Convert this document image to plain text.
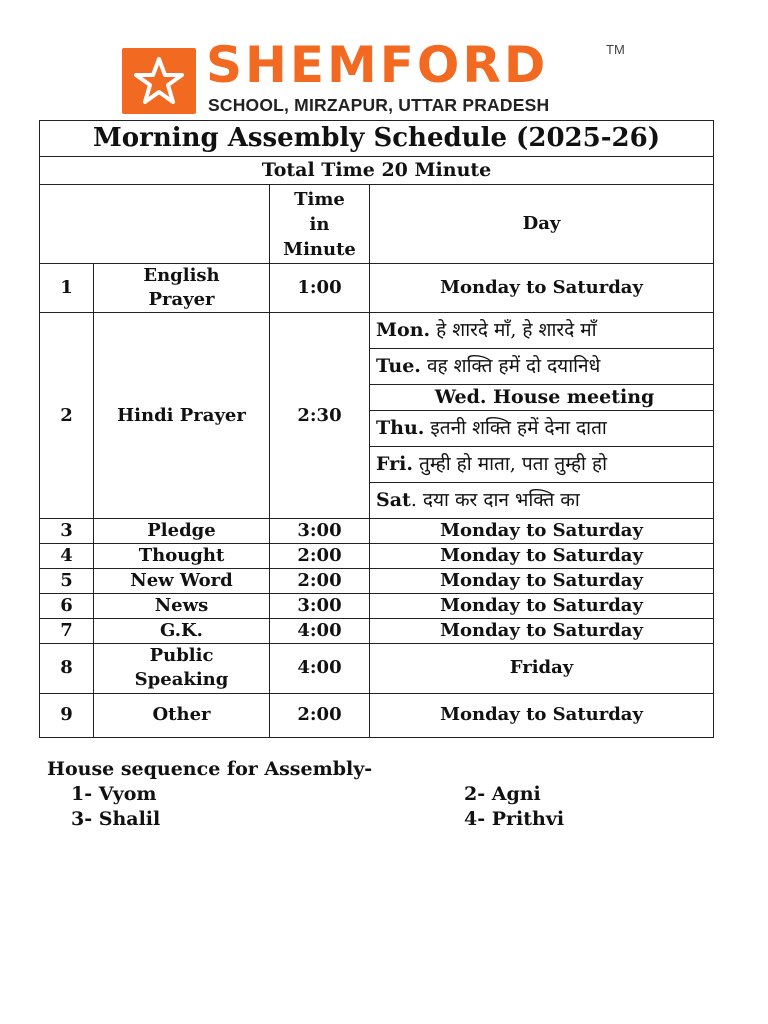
SHEMFORD	TM
SCHOOL, MIRZAPUR, UTTAR PRADESH
Morning Assembly Schedule (2025-26)			
Total Time 20 Minute			

		Time
in
Minute	Day
1	English
Prayer	1:00	Monday to Saturday
2	Hindi Prayer	2:30	Mon. हे शारदे माँ, हे शारदे माँ
			Tue. वह शक्ति हमें दो दयानिधे
			Wed. House meeting
			Thu. इतनी शक्ति हमें देना दाता
			Fri. तुम्ही हो माता, पता तुम्ही हो
			Sat. दया कर दान भक्ति का
3	Pledge	3:00	Monday to Saturday
4	Thought	2:00	Monday to Saturday
5	New Word	2:00	Monday to Saturday
6	News	3:00	Monday to Saturday
7	G.K.	4:00	Monday to Saturday
8	Public
Speaking	4:00	Friday
9	Other	2:00	Monday to Saturday
House sequence for Assembly-
1- Vyom	2- Agni
3- Shalil	4- Prithvi
